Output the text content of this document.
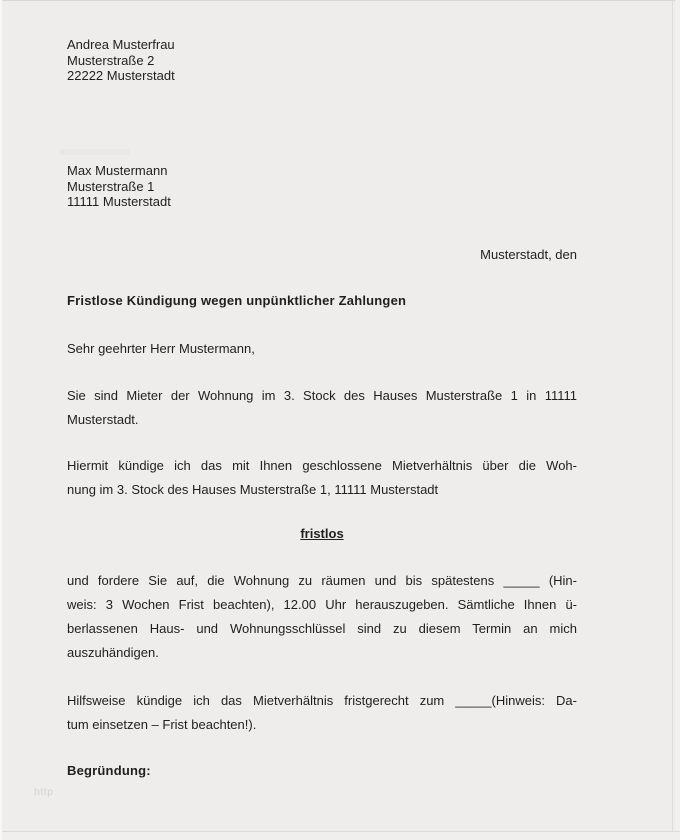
Andrea Musterfrau
Musterstraße 2
22222 Musterstadt
Max Mustermann
Musterstraße 1
11111 Musterstadt
Musterstadt, den
Fristlose Kündigung wegen unpünktlicher Zahlungen
Sehr geehrter Herr Mustermann,
Sie sind Mieter der Wohnung im 3. Stock des Hauses Musterstraße 1 in 11111
Musterstadt.
Hiermit kündige ich das mit Ihnen geschlossene Mietverhältnis über die Woh-
nung im 3. Stock des Hauses Musterstraße 1, 11111 Musterstadt
fristlos
und fordere Sie auf, die Wohnung zu räumen und bis spätestens _____ (Hin-
weis: 3 Wochen Frist beachten), 12.00 Uhr herauszugeben. Sämtliche Ihnen ü-
berlassenen Haus- und Wohnungsschlüssel sind zu diesem Termin an mich
auszuhändigen.
Hilfsweise kündige ich das Mietverhältnis fristgerecht zum _____(Hinweis: Da-
tum einsetzen – Frist beachten!).
Begründung:
http
